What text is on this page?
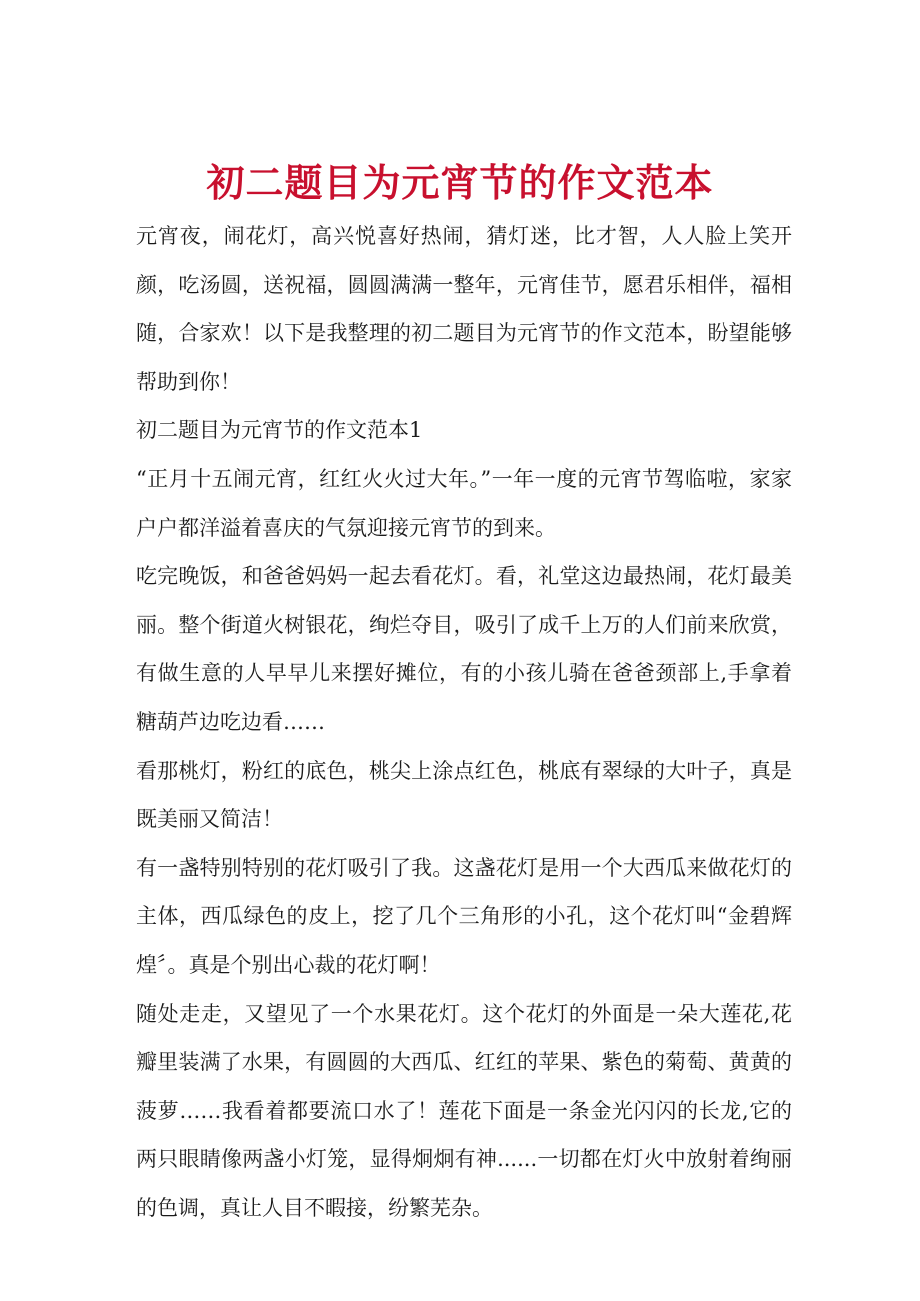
初二题目为元宵节的作文范本

元宵夜，闹花灯，高兴悦喜好热闹，猜灯迷，比才智，人人脸上笑开颜，吃汤圆，送祝福，圆圆满满一整年，元宵佳节，愿君乐相伴，福相随，合家欢！以下是我整理的初二题目为元宵节的作文范本，盼望能够帮助到你！

初二题目为元宵节的作文范本1

“正月十五闹元宵，红红火火过大年。”一年一度的元宵节驾临啦，家家户户都洋溢着喜庆的气氛迎接元宵节的到来。

吃完晚饭，和爸爸妈妈一起去看花灯。看，礼堂这边最热闹，花灯最美丽。整个街道火树银花，绚烂夺目，吸引了成千上万的人们前来欣赏，有做生意的人早早儿来摆好摊位，有的小孩儿骑在爸爸颈部上,手拿着糖葫芦边吃边看……

看那桃灯，粉红的底色，桃尖上涂点红色，桃底有翠绿的大叶子，真是既美丽又简洁！

有一盏特别特别的花灯吸引了我。这盏花灯是用一个大西瓜来做花灯的主体，西瓜绿色的皮上，挖了几个三角形的小孔，这个花灯叫“金碧辉煌〞。真是个别出心裁的花灯啊！

随处走走，又望见了一个水果花灯。这个花灯的外面是一朵大莲花,花瓣里装满了水果，有圆圆的大西瓜、红红的苹果、紫色的菊萄、黄黄的菠萝……我看着都要流口水了！莲花下面是一条金光闪闪的长龙,它的两只眼睛像两盏小灯笼，显得炯炯有神......一切都在灯火中放射着绚丽的色调，真让人目不暇接，纷繁芜杂。
